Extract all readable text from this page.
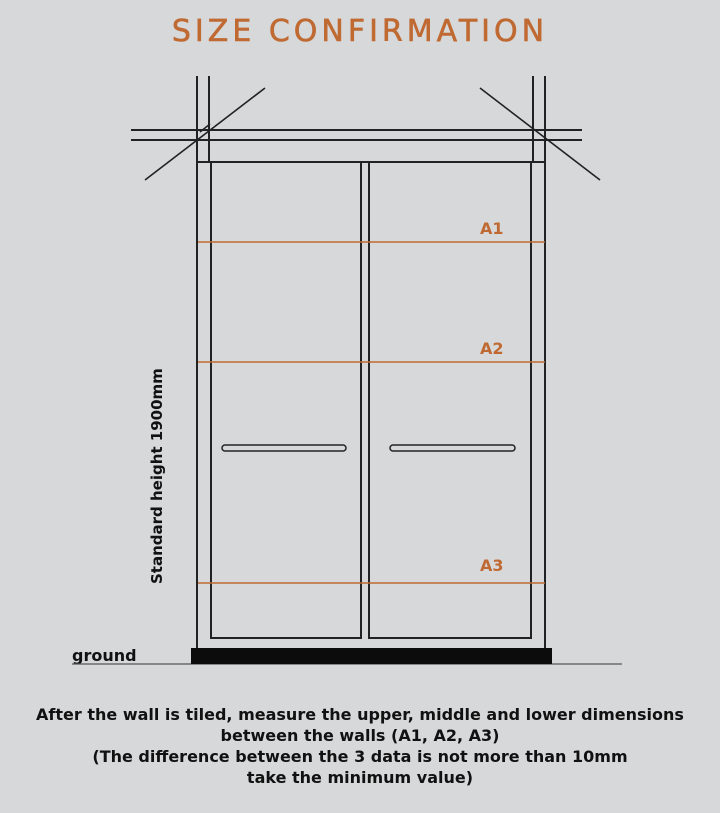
SIZE CONFIRMATION
A1
A2
A3
Standard height 1900mm
ground
After the wall is tiled, measure the upper, middle and lower dimensions
between the walls (A1, A2, A3)
(The difference between the 3 data is not more than 10mm
take the minimum value)
